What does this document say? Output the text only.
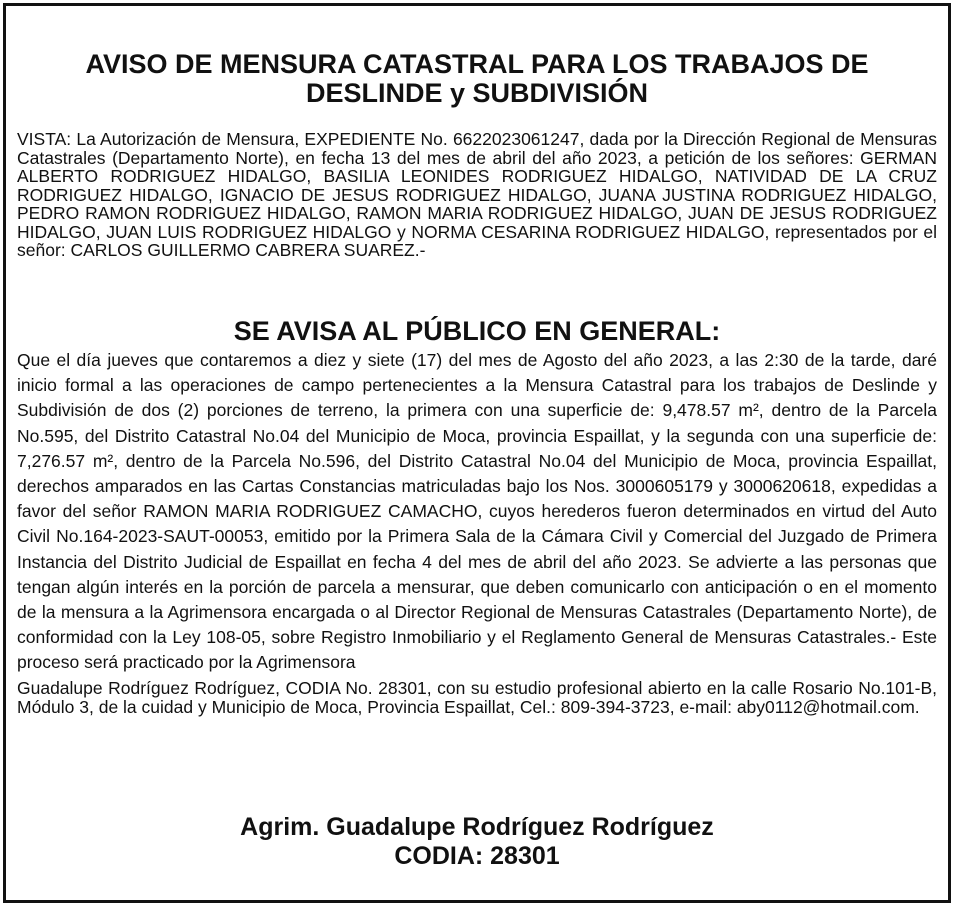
AVISO DE MENSURA CATASTRAL PARA LOS TRABAJOS DE
DESLINDE y SUBDIVISIÓN

VISTA: La Autorización de Mensura, EXPEDIENTE No. 6622023061247, dada por la Dirección Regional de Mensuras Catastrales (Departamento Norte), en fecha 13 del mes de abril del año 2023, a petición de los señores: GERMAN ALBERTO RODRIGUEZ HIDALGO, BASILIA LEONIDES RODRIGUEZ HIDALGO, NATIVIDAD DE LA CRUZ RODRIGUEZ HIDALGO, IGNACIO DE JESUS RODRIGUEZ HIDALGO, JUANA JUSTINA RODRIGUEZ HIDALGO, PEDRO RAMON RODRIGUEZ HIDALGO, RAMON MARIA RODRIGUEZ HIDALGO, JUAN DE JESUS RODRIGUEZ HIDALGO, JUAN LUIS RODRIGUEZ HIDALGO y NORMA CESARINA RODRIGUEZ HIDALGO, representados por el señor: CARLOS GUILLERMO CABRERA SUAREZ.-

SE AVISA AL PÚBLICO EN GENERAL:

Que el día jueves que contaremos a diez y siete (17) del mes de Agosto del año 2023, a las 2:30 de la tarde, daré inicio formal a las operaciones de campo pertenecientes a la Mensura Catastral para los trabajos de Deslinde y Subdivisión de dos (2) porciones de terreno, la primera con una superficie de: 9,478.57 m², dentro de la Parcela No.595, del Distrito Catastral No.04 del Municipio de Moca, provincia Espaillat, y la segunda con una superficie de: 7,276.57 m², dentro de la Parcela No.596, del Distrito Catastral No.04 del Municipio de Moca, provincia Espaillat, derechos amparados en las Cartas Constancias matriculadas bajo los Nos. 3000605179 y 3000620618, expedidas a favor del señor RAMON MARIA RODRIGUEZ CAMACHO, cuyos herederos fueron determinados en virtud del Auto Civil No.164-2023-SAUT-00053, emitido por la Primera Sala de la Cámara Civil y Comercial del Juzgado de Primera Instancia del Distrito Judicial de Espaillat en fecha 4 del mes de abril del año 2023. Se advierte a las personas que tengan algún interés en la porción de parcela a mensurar, que deben comunicarlo con anticipación o en el momento de la mensura a la Agrimensora encargada o al Director Regional de Mensuras Catastrales (Departamento Norte), de conformidad con la Ley 108-05, sobre Registro Inmobiliario y el Reglamento General de Mensuras Catastrales.- Este proceso será practicado por la Agrimensora
Guadalupe Rodríguez Rodríguez, CODIA No. 28301, con su estudio profesional abierto en la calle Rosario No.101-B, Módulo 3, de la cuidad y Municipio de Moca, Provincia Espaillat, Cel.: 809-394-3723, e-mail: aby0112@hotmail.com.

Agrim. Guadalupe Rodríguez Rodríguez
CODIA: 28301
